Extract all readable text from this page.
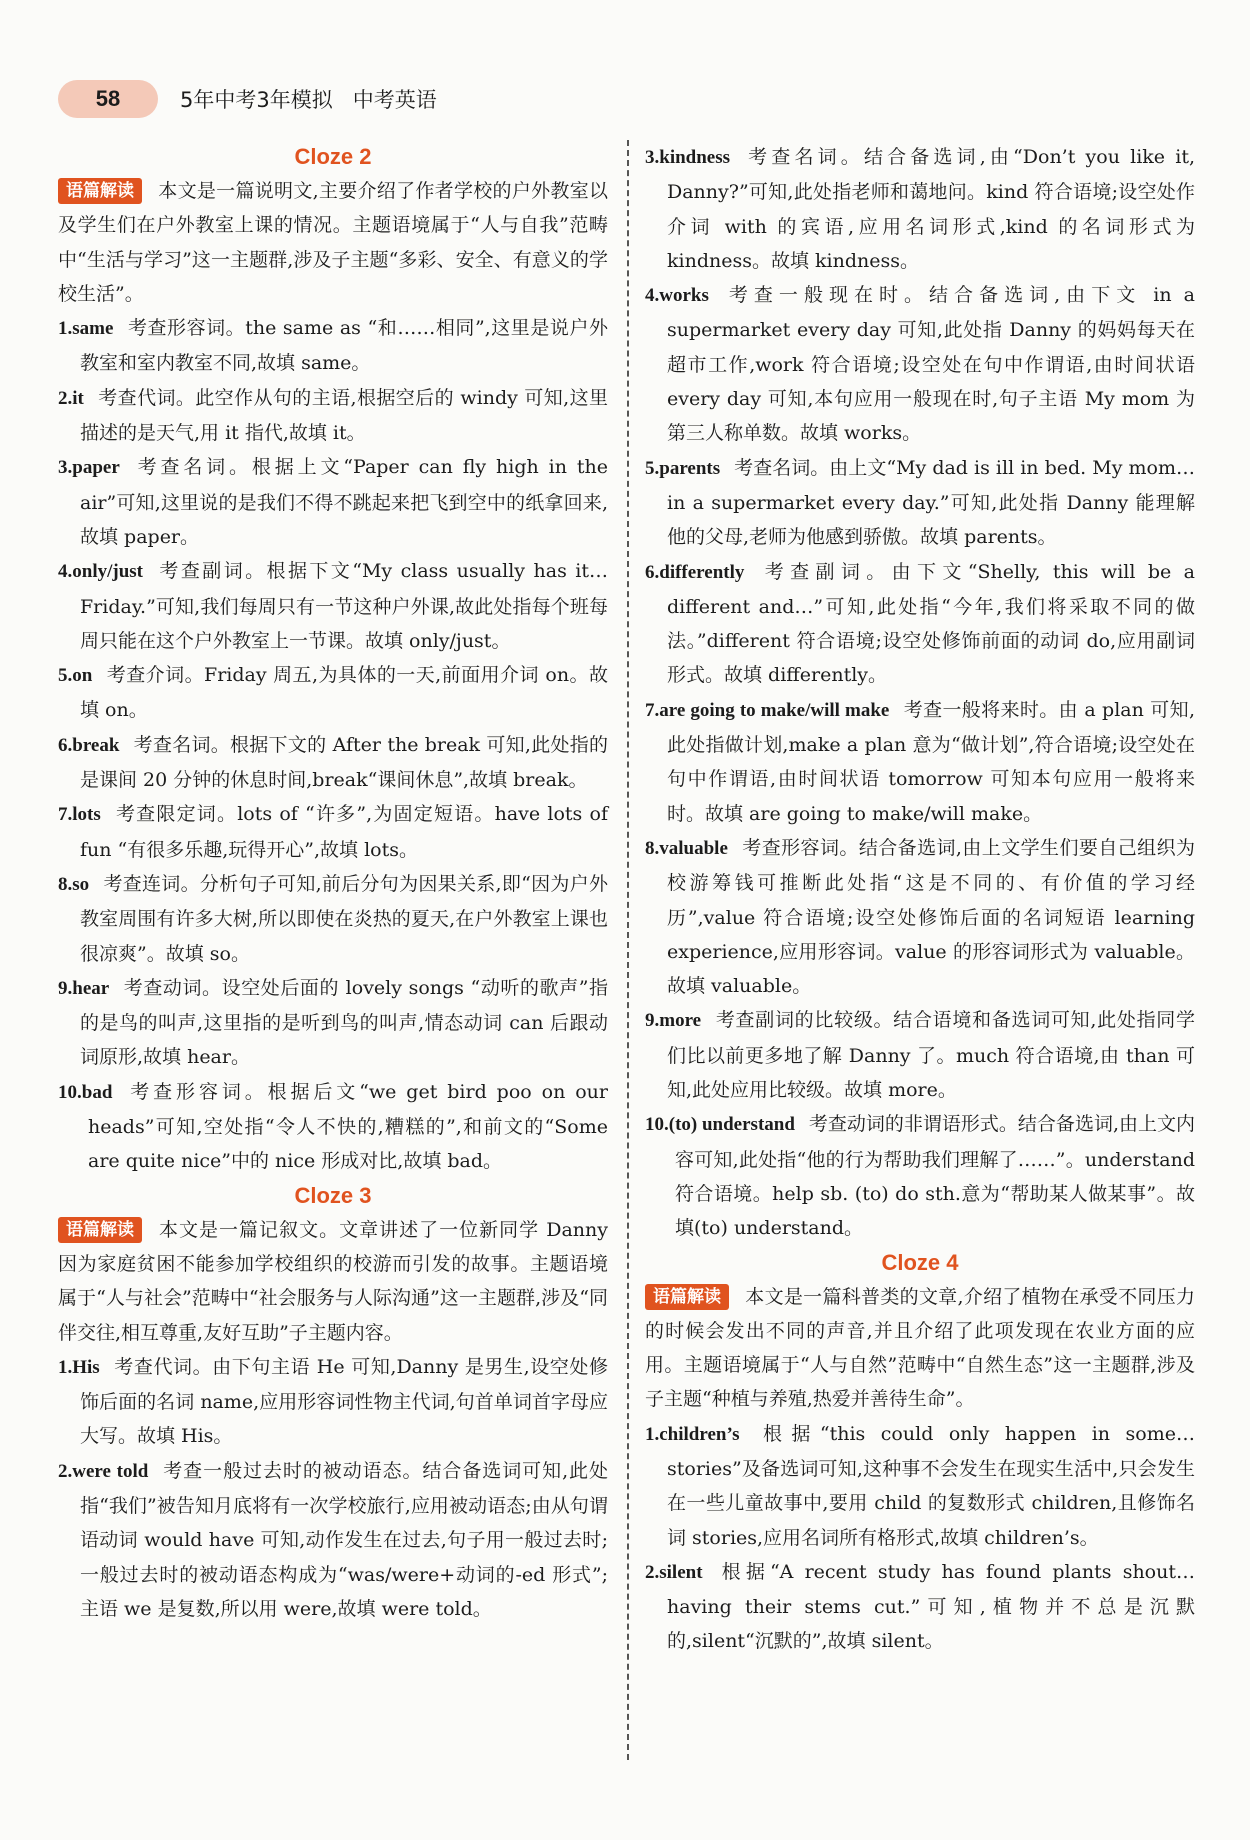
58	5年中考3年模拟 中考英语
Cloze 2

语篇解读 本文是一篇说明文,主要介绍了作者学校的户外教室以及学生们在户外教室上课的情况。主题语境属于“人与自我”范畴中“生活与学习”这一主题群,涉及子主题“多彩、安全、有意义的学校生活”。

1.same 考查形容词。the same as “和……相同”,这里是说户外教室和室内教室不同,故填 same。

2.it 考查代词。此空作从句的主语,根据空后的 windy 可知,这里描述的是天气,用 it 指代,故填 it。

3.paper 考查名词。根据上文“Paper can fly high in the air”可知,这里说的是我们不得不跳起来把飞到空中的纸拿回来,故填 paper。

4.only/just 考查副词。根据下文“My class usually has it…Friday.”可知,我们每周只有一节这种户外课,故此处指每个班每周只能在这个户外教室上一节课。故填 only/just。

5.on 考查介词。Friday 周五,为具体的一天,前面用介词 on。故填 on。

6.break 考查名词。根据下文的 After the break 可知,此处指的是课间 20 分钟的休息时间,break“课间休息”,故填 break。

7.lots 考查限定词。lots of “许多”,为固定短语。have lots of fun “有很多乐趣,玩得开心”,故填 lots。

8.so 考查连词。分析句子可知,前后分句为因果关系,即“因为户外教室周围有许多大树,所以即使在炎热的夏天,在户外教室上课也很凉爽”。故填 so。

9.hear 考查动词。设空处后面的 lovely songs “动听的歌声”指的是鸟的叫声,这里指的是听到鸟的叫声,情态动词 can 后跟动词原形,故填 hear。

10.bad 考查形容词。根据后文“we get bird poo on our heads”可知,空处指“令人不快的,糟糕的”,和前文的“Some are quite nice”中的 nice 形成对比,故填 bad。

Cloze 3

语篇解读 本文是一篇记叙文。文章讲述了一位新同学 Danny 因为家庭贫困不能参加学校组织的校游而引发的故事。主题语境属于“人与社会”范畴中“社会服务与人际沟通”这一主题群,涉及“同伴交往,相互尊重,友好互助”子主题内容。

1.His 考查代词。由下句主语 He 可知,Danny 是男生,设空处修饰后面的名词 name,应用形容词性物主代词,句首单词首字母应大写。故填 His。

2.were told 考查一般过去时的被动语态。结合备选词可知,此处指“我们”被告知月底将有一次学校旅行,应用被动语态;由从句谓语动词 would have 可知,动作发生在过去,句子用一般过去时;一般过去时的被动语态构成为“was/were+动词的-ed 形式”;主语 we 是复数,所以用 were,故填 were told。

3.kindness 考查名词。结合备选词,由“Don’t you like it, Danny?”可知,此处指老师和蔼地问。kind 符合语境;设空处作介词 with 的宾语,应用名词形式,kind 的名词形式为 kindness。故填 kindness。

4.works 考查一般现在时。结合备选词,由下文 in a supermarket every day 可知,此处指 Danny 的妈妈每天在超市工作,work 符合语境;设空处在句中作谓语,由时间状语 every day 可知,本句应用一般现在时,句子主语 My mom 为第三人称单数。故填 works。

5.parents 考查名词。由上文“My dad is ill in bed. My mom…in a supermarket every day.”可知,此处指 Danny 能理解他的父母,老师为他感到骄傲。故填 parents。

6.differently 考查副词。由下文“Shelly, this will be a different and…”可知,此处指“今年,我们将采取不同的做法。”different 符合语境;设空处修饰前面的动词 do,应用副词形式。故填 differently。

7.are going to make/will make 考查一般将来时。由 a plan 可知,此处指做计划,make a plan 意为“做计划”,符合语境;设空处在句中作谓语,由时间状语 tomorrow 可知本句应用一般将来时。故填 are going to make/will make。

8.valuable 考查形容词。结合备选词,由上文学生们要自己组织为校游筹钱可推断此处指“这是不同的、有价值的学习经历”,value 符合语境;设空处修饰后面的名词短语 learning experience,应用形容词。value 的形容词形式为 valuable。故填 valuable。

9.more 考查副词的比较级。结合语境和备选词可知,此处指同学们比以前更多地了解 Danny 了。much 符合语境,由 than 可知,此处应用比较级。故填 more。

10.(to) understand 考查动词的非谓语形式。结合备选词,由上文内容可知,此处指“他的行为帮助我们理解了……”。understand 符合语境。help sb. (to) do sth.意为“帮助某人做某事”。故填(to) understand。

Cloze 4

语篇解读 本文是一篇科普类的文章,介绍了植物在承受不同压力的时候会发出不同的声音,并且介绍了此项发现在农业方面的应用。主题语境属于“人与自然”范畴中“自然生态”这一主题群,涉及子主题“种植与养殖,热爱并善待生命”。

1.children’s 根据“this could only happen in some…stories”及备选词可知,这种事不会发生在现实生活中,只会发生在一些儿童故事中,要用 child 的复数形式 children,且修饰名词 stories,应用名词所有格形式,故填 children’s。

2.silent 根据“A recent study has found plants shout…having their stems cut.”可知,植物并不总是沉默的,silent“沉默的”,故填 silent。
